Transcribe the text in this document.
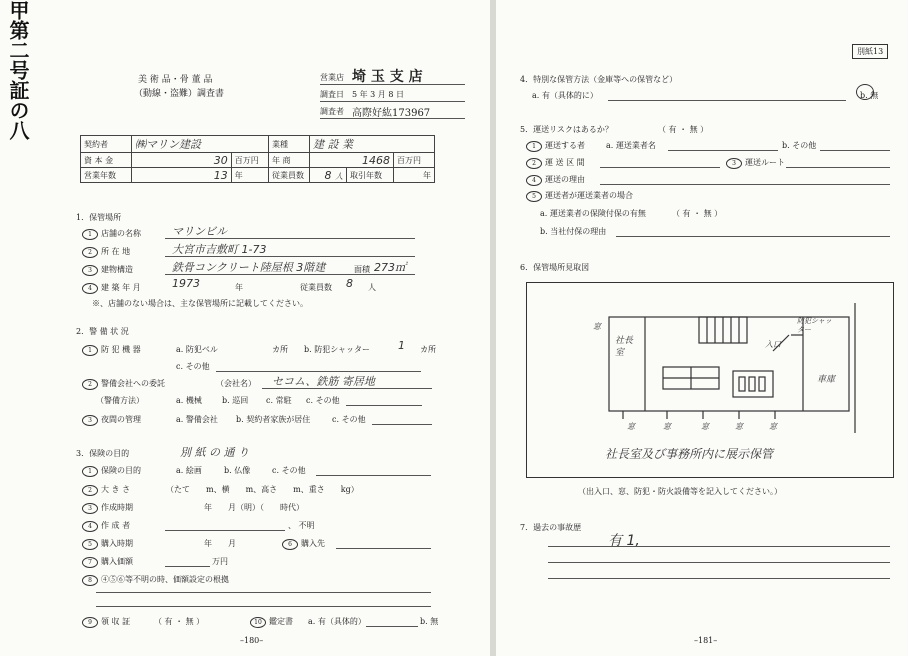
甲第二号証の八	美 術 品・骨 董 品
（動線・盗難）調査書
営業店 埼 玉 支 店
調査日 5 年 3 月 8 日
調査者 高際好紘173967
契約者	㈱マリン建設		業種	建 設 業		
資 本 金	30	百万円	年 商	1468		百万円
営業年数	13	年	従業員数	8 人	取引年数	年
1．保管場所
1 店舗の名称	マリンビル
2 所 在 地	大宮市吉敷町 1-73
3 建物構造	鉄骨コンクリート陸屋根 3階建	面積 273㎡
4 建 築 年 月	1973	年	従業員数 8 人
※、店舗のない場合は、主な保管場所に記載してください。
2．警 備 状 況
1 防 犯 機 器	a. 防犯ベル	カ所 b. 防犯シャッター	1 カ所
c. その他
2 警備会社への委託	（会社名） セコム、鉄筋 寄居地
（警備方法）	a. 機械	b. 巡回 c. 常駐 c. その他
3 夜間の管理	a. 警備会社 b. 契約者家族が居住	c. その他
3．保険の目的	別 紙 の 通 り
1 保険の目的	a. 絵画	b. 仏像	c. その他
2 大 き さ	（たて　　m、横　　m、高さ　　m、重さ　　kg）
3 作成時期	年　　月（明）（　　時代）
4 作 成 者	、 不明
5 購入時期	年　　月	6 購入先
7 購入価額	万円
8 ④⑤⑥等不明の時、価額設定の根拠
9 領 収 証	（ 有 ・ 無 ）	10 鑑定書 a. 有（具体的）	b. 無
–180–
別紙13
4．特別な保管方法（金庫等への保管など）
a. 有（具体的に）	b. 無
5．運送リスクはあるか？	（ 有 ・ 無 ）
1 運送する者	a. 運送業者名	b. その他
2 運 送 区 間	3 運送ルート
4 運送の理由
5 運送者が運送業者の場合
a. 運送業者の保険付保の有無	（ 有 ・ 無 ）
b. 当社付保の理由
6．保管場所見取図
社長室
車庫
入口
防犯シャッター
窓	窓	窓	窓	窓
窓
社長室及び事務所内に展示保管
（出入口、窓、防犯・防火設備等を記入してください。）
7．過去の事故歴
有 1,
–181–
